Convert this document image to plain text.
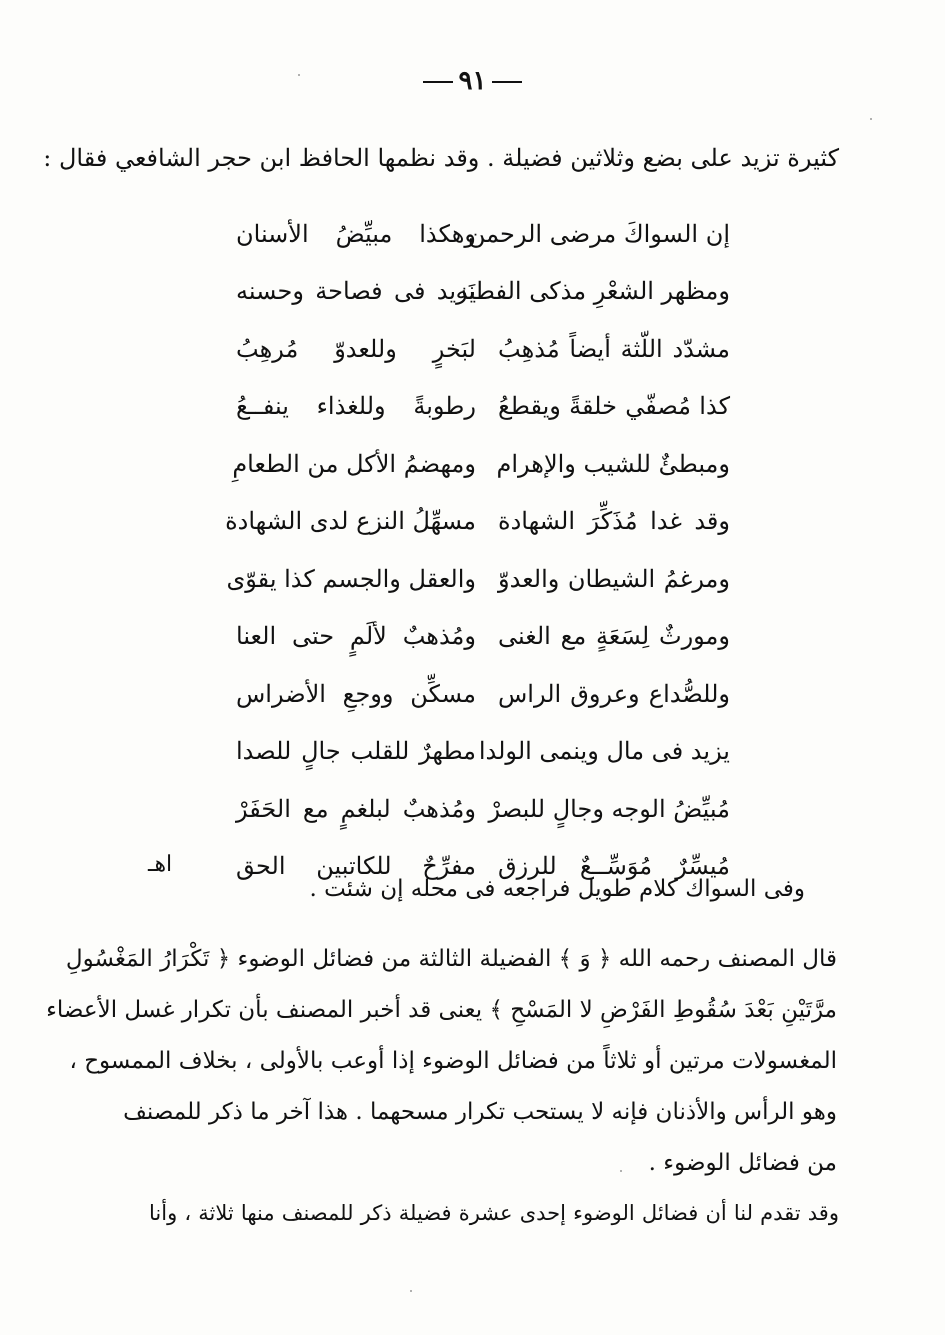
٩١
كثيرة تزيد على بضع وثلاثين فضيلة . وقد نظمها الحافظ ابن حجر الشافعي فقال :
إن السواكَ مرضى الرحمن
وهكذا مبيِّضُ الأسنان
ومظهر الشعْرِ مذكى الفطنَه
يزيد فى فصاحة وحسنه
مشدّد اللّثة أيضاً مُذهِبُ
لبَخرٍ وللعدوّ مُرهِبُ
كذا مُصفّي خلقةً ويقطعُ
رطوبةً وللغذاء ينفــعُ
ومبطئٌ للشيب والإهرام
ومهضمُ الأكل من الطعامِ
وقد غدا مُذَكِّرَ الشهادة
مسهِّلُ النزع لدى الشهادة
ومرغمُ الشيطان والعدوّ
والعقل والجسم كذا يقوّى
ومورثٌ لِسَعَةٍ مع الغنى
ومُذهبٌ لألَمٍ حتى العنا
وللصُّداع وعروق الراس
مسكِّن ووجعِ الأضراس
يزيد فى مال وينمى الولدا
مطهرٌ للقلب جالٍ للصدا
مُبيِّضُ الوجه وجالٍ للبصرْ
ومُذهبٌ لبلغمٍ مع الحَفَرْ
مُيسِّرٌ مُوَسِّــعٌ للرزق
مفرِّحٌ للكاتبين الحق
اهـ
وفى السواك كلام طويل فراجعه فى محله إن شئت .
قال المصنف رحمه الله ﴿ وَ ﴾ الفضيلة الثالثة من فضائل الوضوء ﴿ تَكْرَارُ المَغْسُولِ
مرَّتَيْنِ بَعْدَ سُقُوطِ الفَرْضِ لا المَسْحِ ﴾ يعنى قد أخبر المصنف بأن تكرار غسل الأعضاء
المغسولات مرتين أو ثلاثاً من فضائل الوضوء إذا أوعب بالأولى ، بخلاف الممسوح ،
وهو الرأس والأذنان فإنه لا يستحب تكرار مسحهما . هذا آخر ما ذكر للمصنف
من فضائل الوضوء .
وقد تقدم لنا أن فضائل الوضوء إحدى عشرة فضيلة ذكر للمصنف منها ثلاثة ، وأنا
